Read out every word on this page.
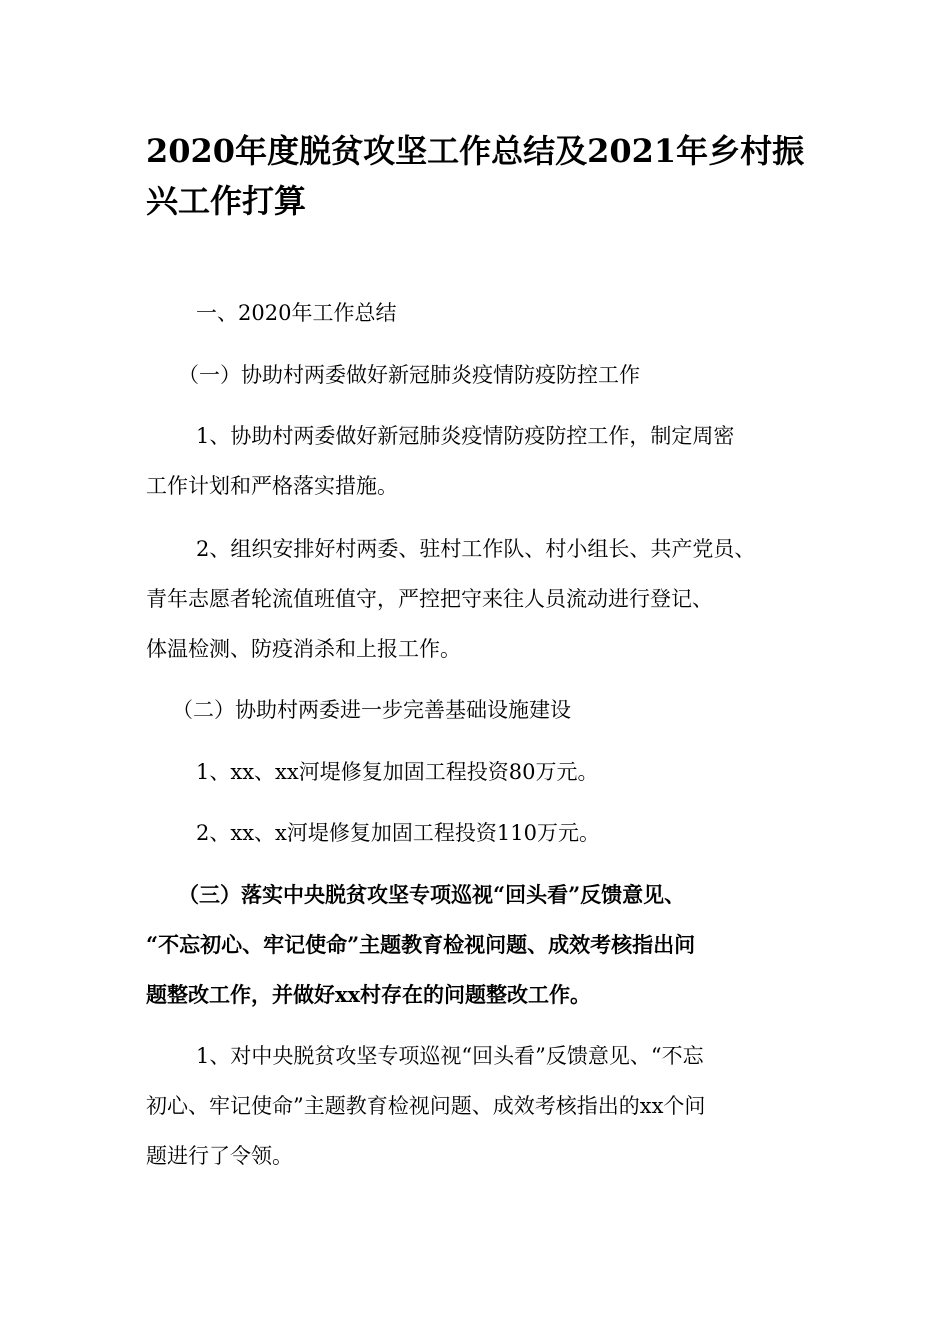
2020年度脱贫攻坚工作总结及2021年乡村振兴工作打算

一、2020年工作总结

（一）协助村两委做好新冠肺炎疫情防疫防控工作

1、协助村两委做好新冠肺炎疫情防疫防控工作，制定周密

工作计划和严格落实措施。

2、组织安排好村两委、驻村工作队、村小组长、共产党员、

青年志愿者轮流值班值守，严控把守来往人员流动进行登记、

体温检测、防疫消杀和上报工作。

（二）协助村两委进一步完善基础设施建设

1、xx、xx河堤修复加固工程投资80万元。

2、xx、x河堤修复加固工程投资110万元。

（三）落实中央脱贫攻坚专项巡视“回头看”反馈意见、

“不忘初心、牢记使命”主题教育检视问题、成效考核指出问

题整改工作，并做好xx村存在的问题整改工作。

1、对中央脱贫攻坚专项巡视“回头看”反馈意见、“不忘

初心、牢记使命”主题教育检视问题、成效考核指出的xx个问

题进行了令领。
